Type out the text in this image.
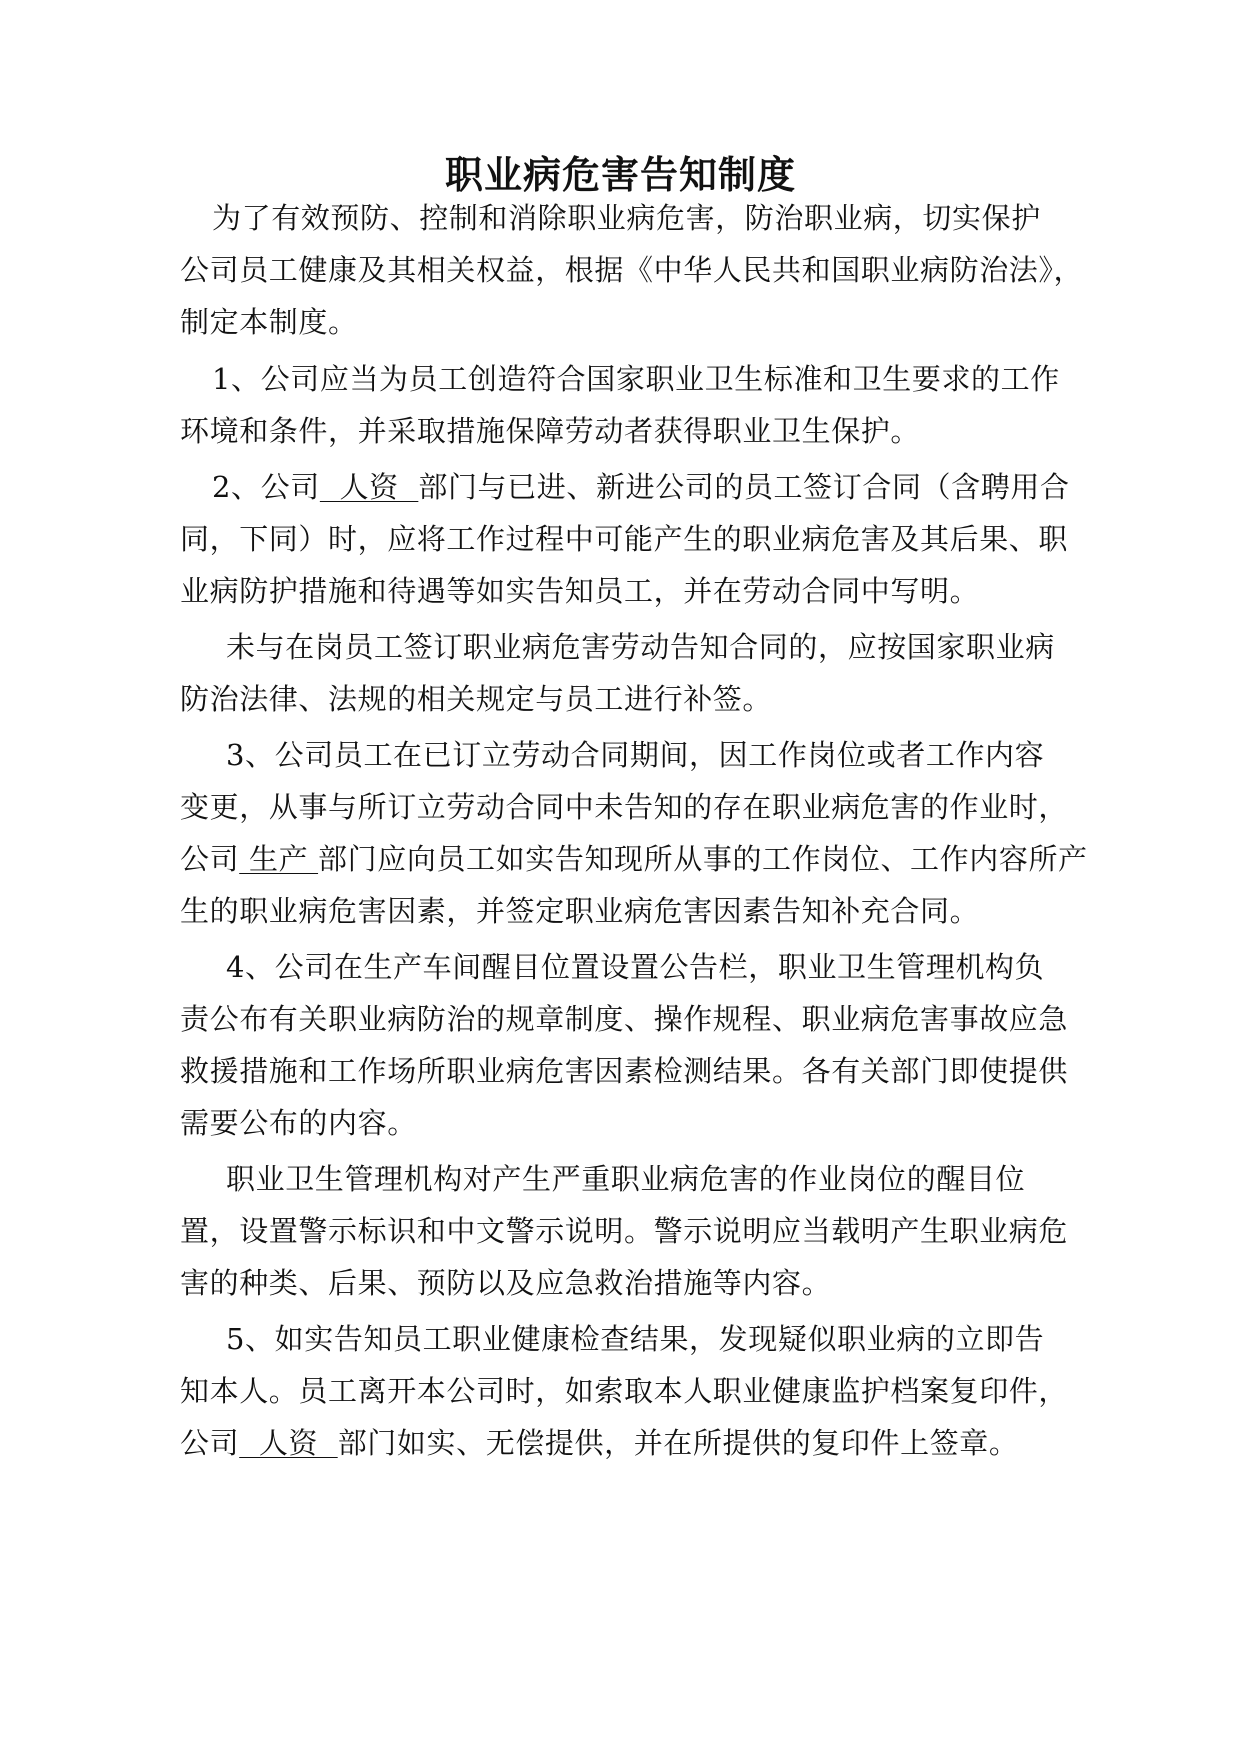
职业病危害告知制度
为了有效预防、控制和消除职业病危害，防治职业病，切实保护
公司员工健康及其相关权益，根据《中华人民共和国职业病防治法》，
制定本制度。
1、公司应当为员工创造符合国家职业卫生标准和卫生要求的工作
环境和条件，并采取措施保障劳动者获得职业卫生保护。
2、公司  人资  部门与已进、新进公司的员工签订合同（含聘用合
同，下同）时，应将工作过程中可能产生的职业病危害及其后果、职
业病防护措施和待遇等如实告知员工，并在劳动合同中写明。
未与在岗员工签订职业病危害劳动告知合同的，应按国家职业病
防治法律、法规的相关规定与员工进行补签。
3、公司员工在已订立劳动合同期间，因工作岗位或者工作内容
变更，从事与所订立劳动合同中未告知的存在职业病危害的作业时，
公司 生产 部门应向员工如实告知现所从事的工作岗位、工作内容所产
生的职业病危害因素，并签定职业病危害因素告知补充合同。
4、公司在生产车间醒目位置设置公告栏，职业卫生管理机构负
责公布有关职业病防治的规章制度、操作规程、职业病危害事故应急
救援措施和工作场所职业病危害因素检测结果。各有关部门即使提供
需要公布的内容。
职业卫生管理机构对产生严重职业病危害的作业岗位的醒目位
置，设置警示标识和中文警示说明。警示说明应当载明产生职业病危
害的种类、后果、预防以及应急救治措施等内容。
5、如实告知员工职业健康检查结果，发现疑似职业病的立即告
知本人。员工离开本公司时，如索取本人职业健康监护档案复印件，
公司  人资  部门如实、无偿提供，并在所提供的复印件上签章。
